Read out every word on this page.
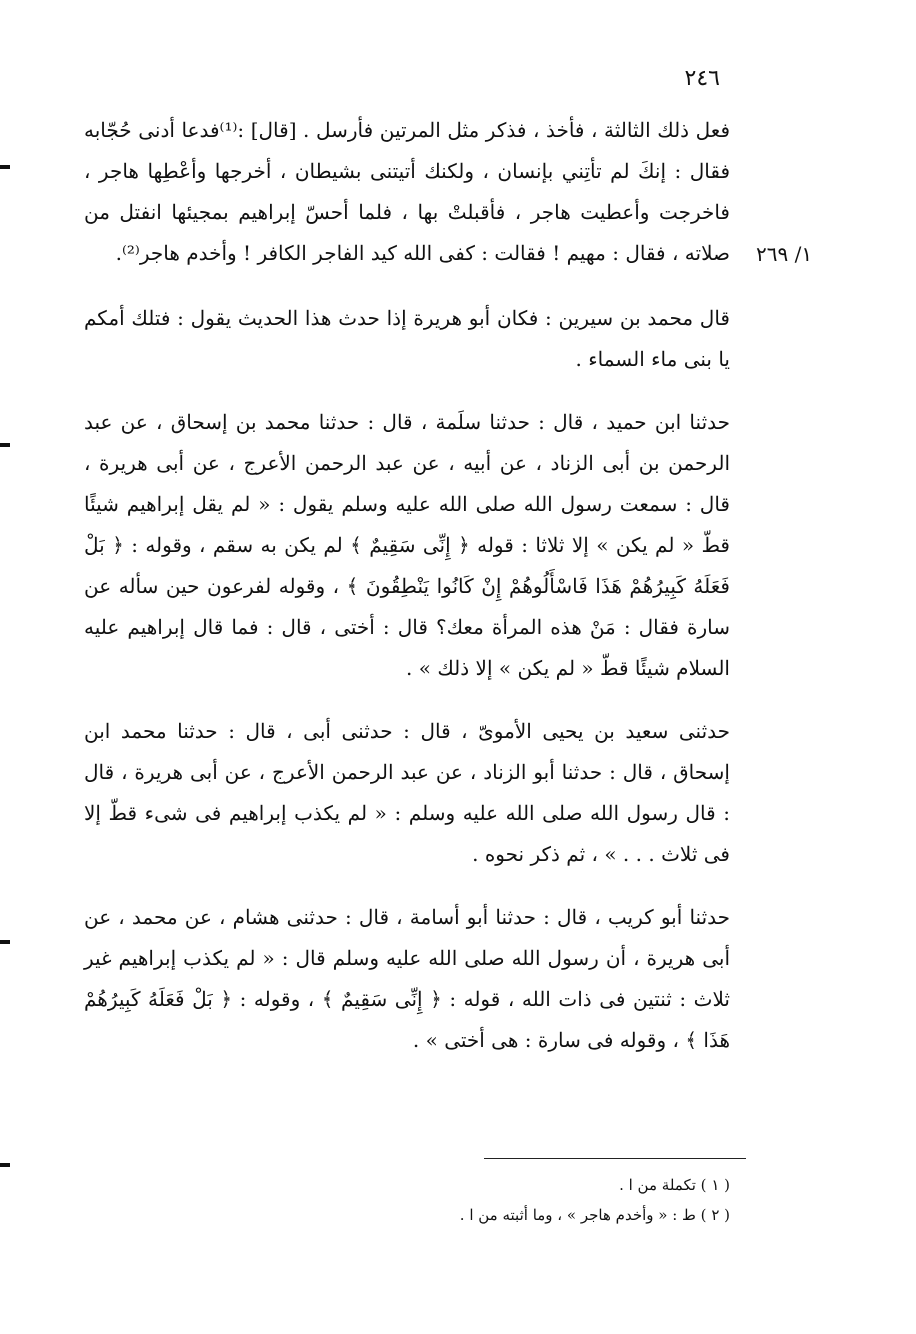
٢٤٦
١/ ٢٦٩

فعل ذلك الثالثة ، فأخذ ، فذكر مثل المرتين فأرسل . [قال] :⁽¹⁾فدعا أدنى حُجّابه فقال : إنكَ لم تأتِني بإنسان ، ولكنك أتيتنى بشيطان ، أخرجها وأعْطِها هاجر ، فاخرجت وأعطيت هاجر ، فأقبلتْ بها ، فلما أحسّ إبراهيم بمجيئها انفتل من صلاته ، فقال : مهيم ! فقالت : كفى الله كيد الفاجر الكافر ! وأخدم هاجر⁽²⁾.

قال محمد بن سيرين : فكان أبو هريرة إذا حدث هذا الحديث يقول : فتلك أمكم يا بنى ماء السماء .

حدثنا ابن حميد ، قال : حدثنا سلَمة ، قال : حدثنا محمد بن إسحاق ، عن عبد الرحمن بن أبى الزناد ، عن أبيه ، عن عبد الرحمن الأعرج ، عن أبى هريرة ، قال : سمعت رسول الله صلى الله عليه وسلم يقول : « لم يقل إبراهيم شيئًا قطّ « لم يكن » إلا ثلاثا : قوله ﴿ إِنِّى سَقِيمٌ ﴾ لم يكن به سقم ، وقوله : ﴿ بَلْ فَعَلَهُ كَبِيرُهُمْ هَذَا فَاسْأَلُوهُمْ إِنْ كَانُوا يَنْطِقُونَ ﴾ ، وقوله لفرعون حين سأله عن سارة فقال : مَنْ هذه المرأة معك؟ قال : أختى ، قال : فما قال إبراهيم عليه السلام شيئًا قطّ « لم يكن » إلا ذلك » .

حدثنى سعيد بن يحيى الأموىّ ، قال : حدثنى أبى ، قال : حدثنا محمد ابن إسحاق ، قال : حدثنا أبو الزناد ، عن عبد الرحمن الأعرج ، عن أبى هريرة ، قال : قال رسول الله صلى الله عليه وسلم : « لم يكذب إبراهيم فى شىء قطّ إلا فى ثلاث . . . » ، ثم ذكر نحوه .

حدثنا أبو كريب ، قال : حدثنا أبو أسامة ، قال : حدثنى هشام ، عن محمد ، عن أبى هريرة ، أن رسول الله صلى الله عليه وسلم قال : « لم يكذب إبراهيم غير ثلاث : ثنتين فى ذات الله ، قوله : ﴿ إِنِّى سَقِيمٌ ﴾ ، وقوله : ﴿ بَلْ فَعَلَهُ كَبِيرُهُمْ هَذَا ﴾ ، وقوله فى سارة : هى أختى » .

( ١ ) تكملة من ا .
( ٢ ) ط : « وأخدم هاجر » ، وما أثبته من ا .
